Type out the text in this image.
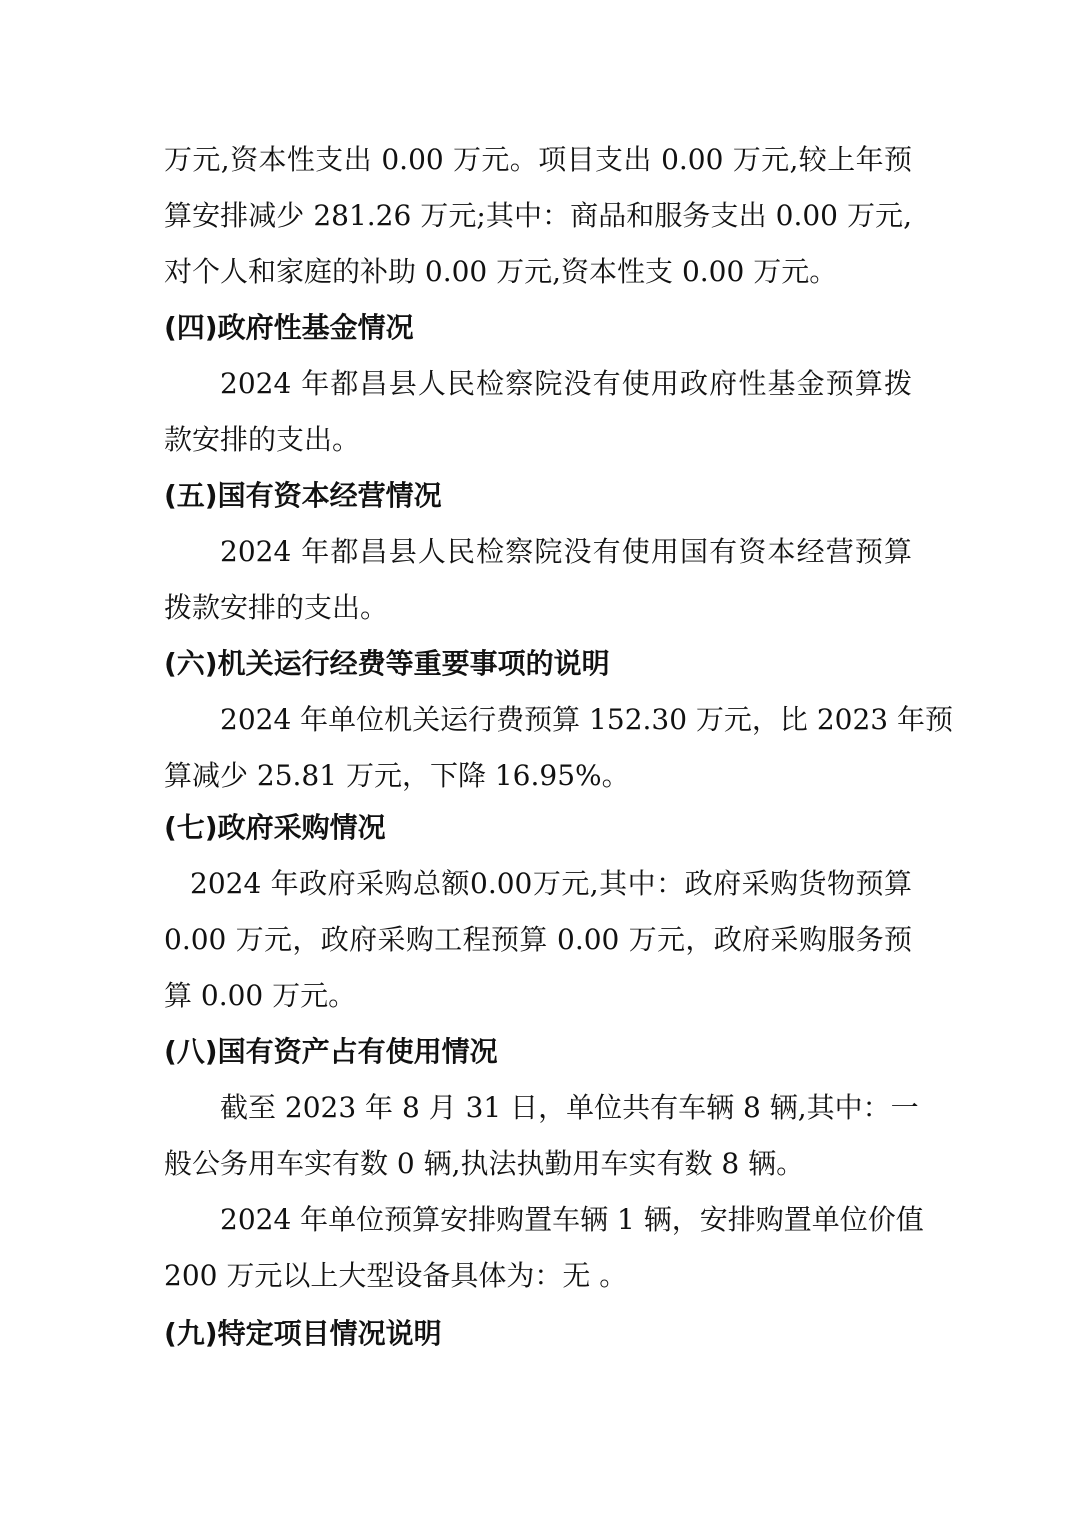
万元,资本性支出 0.00 万元。项目支出 0.00 万元,较上年预
算安排减少 281.26 万元;其中：商品和服务支出 0.00 万元,
对个人和家庭的补助 0.00 万元,资本性支 0.00 万元。
(四)政府性基金情况
2024 年都昌县人民检察院没有使用政府性基金预算拨
款安排的支出。
(五)国有资本经营情况
2024 年都昌县人民检察院没有使用国有资本经营预算
拨款安排的支出。
(六)机关运行经费等重要事项的说明
2024 年单位机关运行费预算 152.30 万元，比 2023 年预
算减少 25.81 万元，下降 16.95%。
(七)政府采购情况
2024 年政府采购总额0.00万元,其中：政府采购货物预算
0.00 万元，政府采购工程预算 0.00 万元，政府采购服务预
算 0.00 万元。
(八)国有资产占有使用情况
截至 2023 年 8 月 31 日，单位共有车辆 8 辆,其中：一
般公务用车实有数 0 辆,执法执勤用车实有数 8 辆。
2024 年单位预算安排购置车辆 1 辆，安排购置单位价值
200 万元以上大型设备具体为：无 。
(九)特定项目情况说明
